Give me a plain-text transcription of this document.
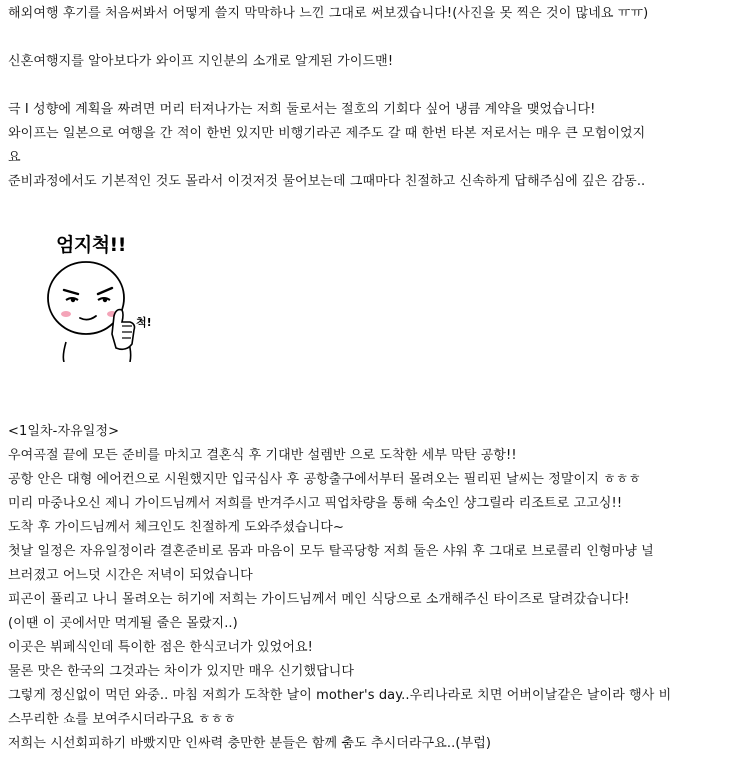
해외여행 후기를 처음써봐서 어떻게 쓸지 막막하나 느낀 그대로 써보겠습니다!(사진을 못 찍은 것이 많네요 ㅠㅠ)
신혼여행지를 알아보다가 와이프 지인분의 소개로 알게된 가이드맨!
극 I 성향에 계획을 짜려면 머리 터져나가는 저희 둘로서는 절호의 기회다 싶어 냉큼 계약을 맺었습니다!
와이프는 일본으로 여행을 간 적이 한번 있지만 비행기라곤 제주도 갈 때 한번 타본 저로서는 매우 큰 모험이었지
요
준비과정에서도 기본적인 것도 몰라서 이것저것 물어보는데 그때마다 친절하고 신속하게 답해주심에 깊은 감동..
엄지척!!
척!
<1일차-자유일정>
우여곡절 끝에 모든 준비를 마치고 결혼식 후 기대반 설렘반 으로 도착한 세부 막탄 공항!!
공항 안은 대형 에어컨으로 시원했지만 입국심사 후 공항출구에서부터 몰려오는 필리핀 날씨는 정말이지 ㅎㅎㅎ
미리 마중나오신 제니 가이드님께서 저희를 반겨주시고 픽업차량을 통해 숙소인 샹그릴라 리조트로 고고싱!!
도착 후 가이드님께서 체크인도 친절하게 도와주셨습니다~
첫날 일정은 자유일정이라 결혼준비로 몸과 마음이 모두 탈곡당항 저희 둘은 샤워 후 그대로 브로콜리 인형마냥 널
브러졌고 어느덧 시간은 저녁이 되었습니다
피곤이 풀리고 나니 몰려오는 허기에 저희는 가이드님께서 메인 식당으로 소개해주신 타이즈로 달려갔습니다!
(이땐 이 곳에서만 먹게될 줄은 몰랐지..)
이곳은 뷔페식인데 특이한 점은 한식코너가 있었어요!
물론 맛은 한국의 그것과는 차이가 있지만 매우 신기했답니다
그렇게 정신없이 먹던 와중.. 마침 저희가 도착한 날이 mother's day..우리나라로 치면 어버이날같은 날이라 행사 비
스무리한 쇼를 보여주시더라구요 ㅎㅎㅎ
저희는 시선회피하기 바빴지만 인싸력 충만한 분들은 함께 춤도 추시더라구요..(부럽)
